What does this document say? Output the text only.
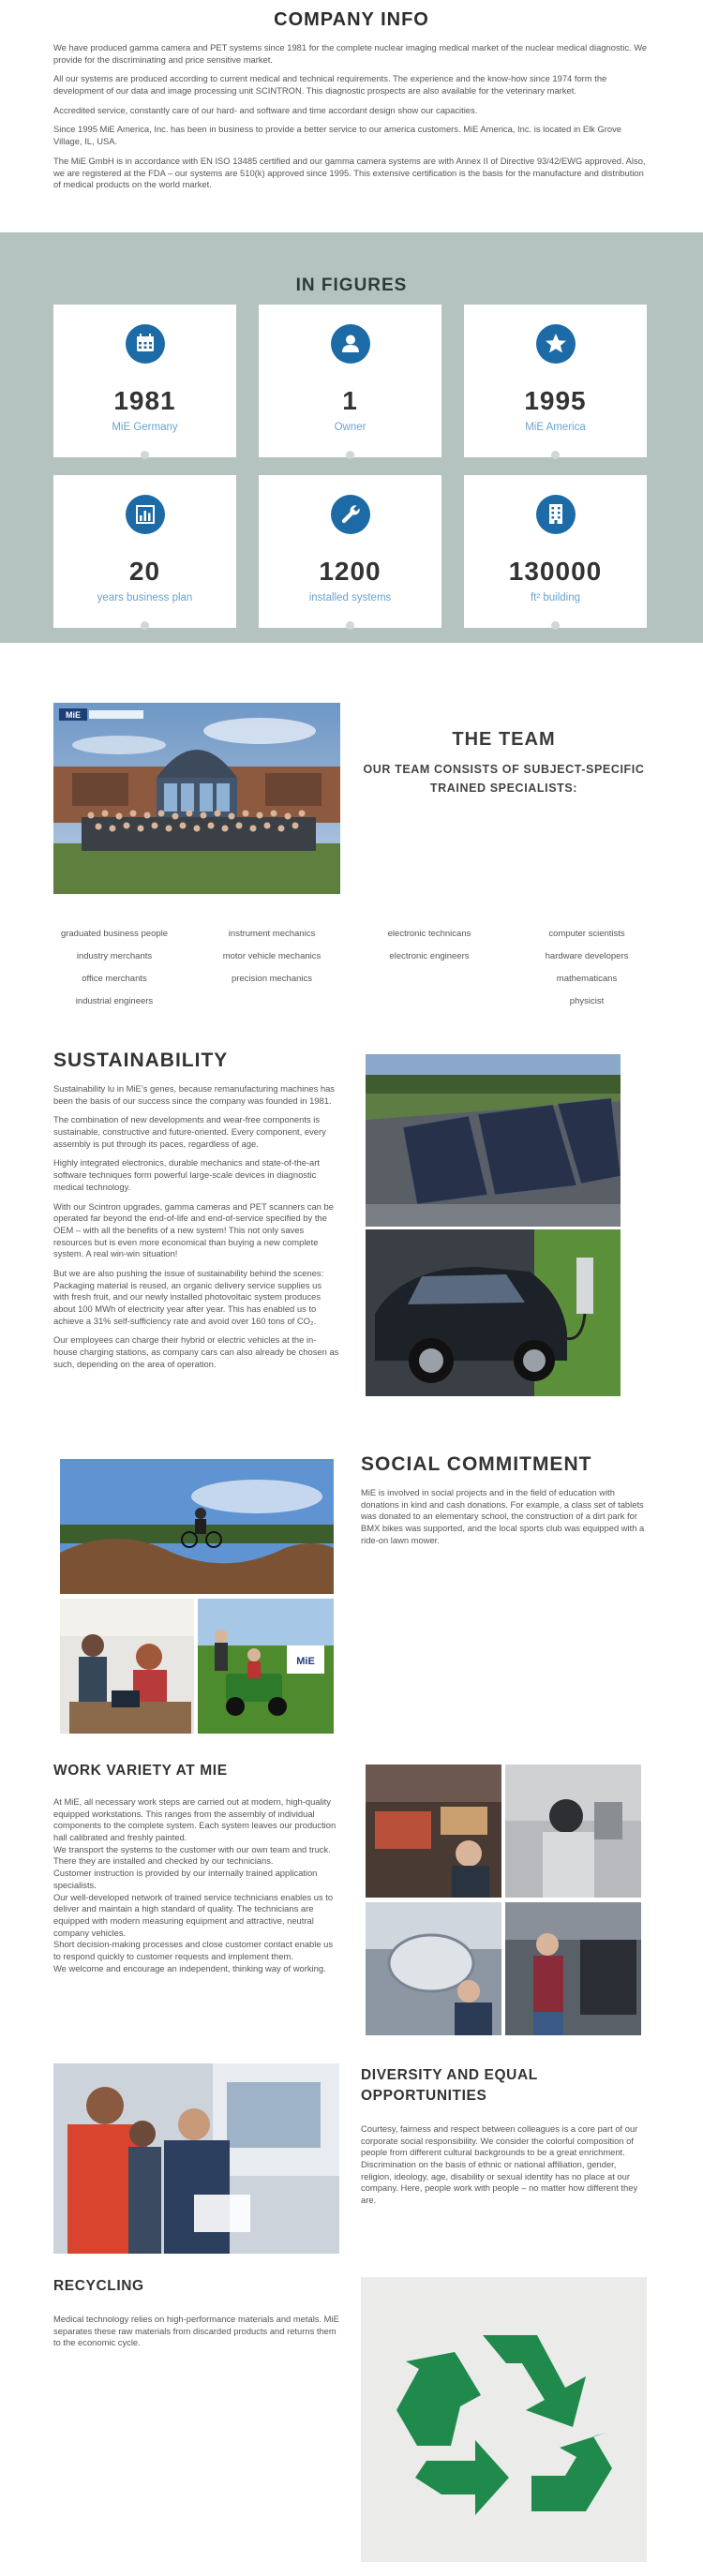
COMPANY INFO

We have produced gamma camera and PET systems since 1981 for the complete nuclear imaging medical market of the nuclear medical diagnostic. We provide for the discriminating and price sensitive market.

All our systems are produced according to current medical and technical requirements. The experience and the know-how since 1974 form the development of our data and image processing unit SCINTRON. This diagnostic prospects are also available for the veterinary market.

Accredited service, constantly care of our hard- and software and time accordant design show our capacities.

Since 1995 MiE America, Inc. has been in business to provide a better service to our america customers. MiE America, Inc. is located in Elk Grove Village, IL, USA.

The MiE GmbH is in accordance with EN ISO 13485 certified and our gamma camera systems are with Annex II of Directive 93/42/EWG approved. Also, we are registered at the FDA – our systems are 510(k) approved since 1995. This extensive certification is the basis for the manufacture and distribution of medical products on the world market.

IN FIGURES
1981
MiE Germany
1
Owner
1995
MiE America
20
years business plan
1200
installed systems
130000
ft² building
MiE
THE TEAM
OUR TEAM CONSISTS OF SUBJECT-SPECIFIC TRAINED SPECIALISTS:
graduated business people
industry merchants
office merchants
industrial engineers
instrument mechanics
motor vehicle mechanics
precision mechanics
electronic technicans
electronic engineers
computer scientists
hardware developers
mathematicans
physicist
SUSTAINABILITY

Sustainability lu in MiE’s genes, because remanufacturing machines has been the basis of our success since the company was founded in 1981.

The combination of new developments and wear-free components is sustainable, constructive and future-oriented. Every component, every assembly is put through its paces, regardless of age.

Highly integrated electronics, durable mechanics and state-of-the-art software techniques form powerful large-scale devices in diagnostic medical technology.

With our Scintron upgrades, gamma cameras and PET scanners can be operated far beyond the end-of-life and end-of-service specified by the OEM – with all the benefits of a new system! This not only saves resources but is even more economical than buying a new complete system. A real win-win situation!

But we are also pushing the issue of sustainability behind the scenes: Packaging material is reused, an organic delivery service supplies us with fresh fruit, and our newly installed photovoltaic system produces about 100 MWh of electricity year after year. This has enabled us to achieve a 31% self-sufficiency rate and avoid over 160 tons of CO₂.

Our employees can charge their hybrid or electric vehicles at the in-house charging stations, as company cars can also already be chosen as such, depending on the area of operation.

MiE
SOCIAL COMMITMENT
MiE is involved in social projects and in the field of education with donations in kind and cash donations. For example, a class set of tablets was donated to an elementary school, the construction of a dirt park for BMX bikes was supported, and the local sports club was equipped with a ride-on lawn mower.
WORK VARIETY AT MIE

At MiE, all necessary work steps are carried out at modern, high-quality equipped workstations. This ranges from the assembly of individual components to the complete system. Each system leaves our production hall calibrated and freshly painted.

We transport the systems to the customer with our own team and truck.

There they are installed and checked by our technicians.

Customer instruction is provided by our internally trained application specialists.

Our well-developed network of trained service technicians enables us to deliver and maintain a high standard of quality. The technicians are equipped with modern measuring equipment and attractive, neutral company vehicles.

Short decision-making processes and close customer contact enable us to respond quickly to customer requests and implement them.

We welcome and encourage an independent, thinking way of working.

DIVERSITY AND EQUAL OPPORTUNITIES
Courtesy, fairness and respect between colleagues is a core part of our corporate social responsibility. We consider the colorful composition of people from different cultural backgrounds to be a great enrichment. Discrimination on the basis of ethnic or national affiliation, gender, religion, ideology, age, disability or sexual identity has no place at our company. Here, people work with people – no matter how different they are.
RECYCLING
Medical technology relies on high-performance materials and metals. MiE separates these raw materials from discarded products and returns them to the economic cycle.
